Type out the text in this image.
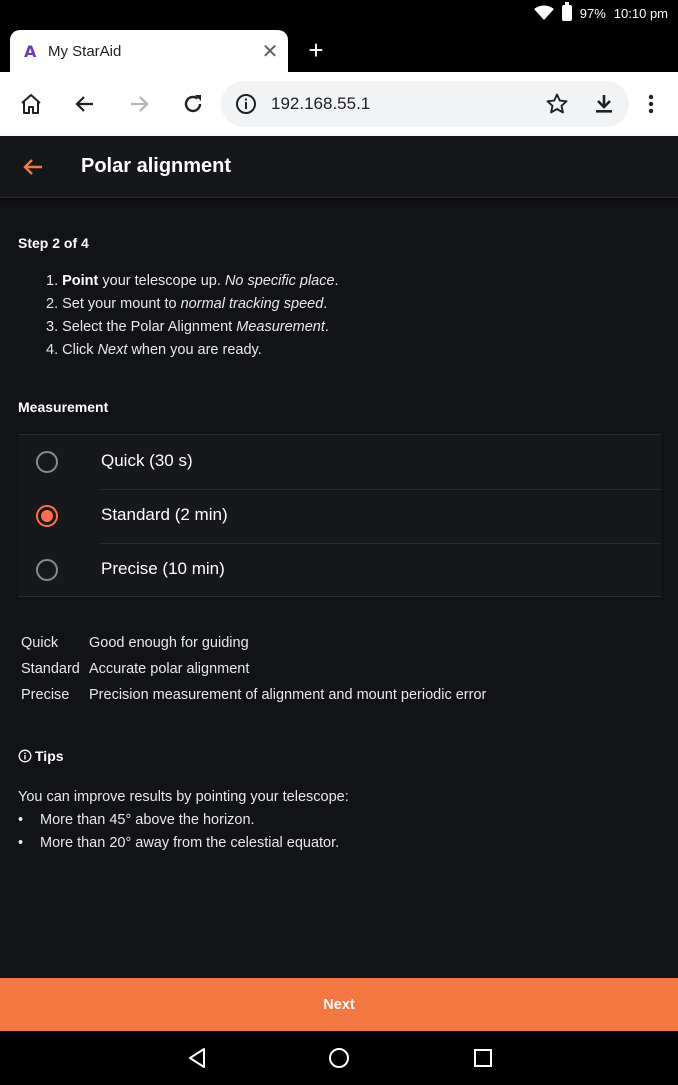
97% 10:10 pm
A My StarAid	✕	+
192.168.55.1
Polar alignment
Step 2 of 4
1. Point your telescope up. No specific place.
2. Set your mount to normal tracking speed.
3. Select the Polar Alignment Measurement.
4. Click Next when you are ready.
Measurement
Quick (30 s)
Standard (2 min)
Precise (10 min)
Quick	Good enough for guiding
Standard Accurate polar alignment
Precise	Precision measurement of alignment and mount periodic error
Tips
You can improve results by pointing your telescope:
•	More than 45° above the horizon.
•	More than 20° away from the celestial equator.
Next
